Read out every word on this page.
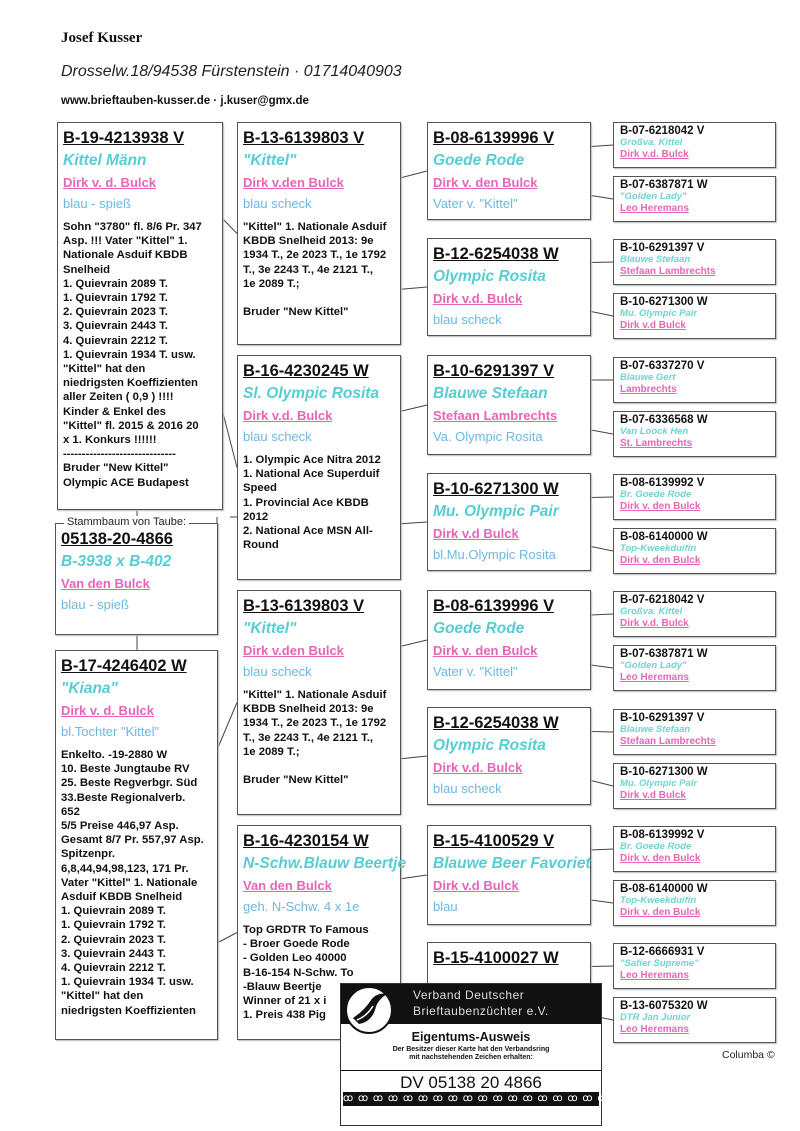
Josef Kusser
Drosselw.18/94538 Fürstenstein · 01714040903
www.brieftauben-kusser.de · j.kuser@gmx.de
Stammbaum von Taube:
B-19-4213938 V
Kittel Männ
Dirk v. d. Bulck
blau - spieß
Sohn "3780" fl. 8/6 Pr. 347
Asp. !!! Vater "Kittel" 1.
Nationale Asduif KBDB
Snelheid
1. Quievrain 2089 T.
1. Quievrain 1792 T.
2. Quievrain 2023 T.
3. Quievrain 2443 T.
4. Quievrain 2212 T.
1. Quievrain 1934 T. usw.
"Kittel" hat den
niedrigsten Koeffizienten
aller Zeiten ( 0,9 ) !!!!
Kinder & Enkel des
"Kittel" fl. 2015 & 2016 20
x 1. Konkurs !!!!!!
------------------------------
Bruder "New Kittel"
Olympic ACE Budapest
05138-20-4866
B-3938 x B-402
Van den Bulck
blau - spieß
B-17-4246402 W
"Kiana"
Dirk v. d. Bulck
bl.Tochter "Kittel"
Enkelto. -19-2880 W
10. Beste Jungtaube RV
25. Beste Regverbgr. Süd
33.Beste Regionalverb.
652
5/5 Preise 446,97 Asp.
Gesamt 8/7 Pr. 557,97 Asp.
Spitzenpr.
6,8,44,94,98,123, 171 Pr.
Vater "Kittel" 1. Nationale
Asduif KBDB Snelheid
1. Quievrain 2089 T.
1. Quievrain 1792 T.
2. Quievrain 2023 T.
3. Quievrain 2443 T.
4. Quievrain 2212 T.
1. Quievrain 1934 T. usw.
"Kittel" hat den
niedrigsten Koeffizienten
B-13-6139803 V
"Kittel"
Dirk v.den Bulck
blau scheck
"Kittel" 1. Nationale Asduif
KBDB Snelheid 2013: 9e
1934 T., 2e 2023 T., 1e 1792
T., 3e 2243 T., 4e 2121 T.,
1e 2089 T.;
Bruder "New Kittel"
B-16-4230245 W
Sl. Olympic Rosita
Dirk v.d. Bulck
blau scheck
1. Olympic Ace Nitra 2012
1. National Ace Superduif
Speed
1. Provincial Ace KBDB
2012
2. National Ace MSN All-
Round
B-13-6139803 V
"Kittel"
Dirk v.den Bulck
blau scheck
"Kittel" 1. Nationale Asduif
KBDB Snelheid 2013: 9e
1934 T., 2e 2023 T., 1e 1792
T., 3e 2243 T., 4e 2121 T.,
1e 2089 T.;
Bruder "New Kittel"
B-16-4230154 W
N-Schw.Blauw Beertje
Van den Bulck
geh. N-Schw. 4 x 1e
Top GRDTR To Famous
- Broer Goede Rode
- Golden Leo 40000
B-16-154 N-Schw. To
-Blauw Beertje
Winner of 21 x i
1. Preis 438 Pig
B-08-6139996 V
Goede Rode
Dirk v. den Bulck
Vater v. "Kittel"
B-12-6254038 W
Olympic Rosita
Dirk v.d. Bulck
blau scheck
B-10-6291397 V
Blauwe Stefaan
Stefaan Lambrechts
Va. Olympic Rosita
B-10-6271300 W
Mu. Olympic Pair
Dirk v.d Bulck
bl.Mu.Olympic Rosita
B-08-6139996 V
Goede Rode
Dirk v. den Bulck
Vater v. "Kittel"
B-12-6254038 W
Olympic Rosita
Dirk v.d. Bulck
blau scheck
B-15-4100529 V
Blauwe Beer Favoriet
Dirk v.d Bulck
blau
B-15-4100027 W
B-07-6218042 V
Großva. Kittel
Dirk v.d. Bulck
B-07-6387871 W
"Golden Lady"
Leo Heremans
B-10-6291397 V
Blauwe Stefaan
Stefaan Lambrechts
B-10-6271300 W
Mu. Olympic Pair
Dirk v.d Bulck
B-07-6337270 V
Blauwe Gert
Lambrechts
B-07-6336568 W
Van Loock Hen
St. Lambrechts
B-08-6139992 V
Br. Goede Rode
Dirk v. den Bulck
B-08-6140000 W
Top-Kweekduifin
Dirk v. den Bulck
B-07-6218042 V
Großva. Kittel
Dirk v.d. Bulck
B-07-6387871 W
"Golden Lady"
Leo Heremans
B-10-6291397 V
Blauwe Stefaan
Stefaan Lambrechts
B-10-6271300 W
Mu. Olympic Pair
Dirk v.d Bulck
B-08-6139992 V
Br. Goede Rode
Dirk v. den Bulck
B-08-6140000 W
Top-Kweekduifin
Dirk v. den Bulck
B-12-6666931 V
"Safier Supreme"
Leo Heremans
B-13-6075320 W
DTR Jan Junior
Leo Heremans
Verband Deutscher
Brieftaubenzüchter e.V.
Eigentums-Ausweis
Der Besitzer dieser Karte hat den Verbandsring
mit nachstehenden Zeichen erhalten:
DV 05138 20 4866
ꝏ ꝏ ꝏ ꝏ ꝏ ꝏ ꝏ ꝏ ꝏ ꝏ ꝏ ꝏ ꝏ ꝏ ꝏ ꝏ ꝏ ꝏ ꝏ ꝏ
Columba ©
